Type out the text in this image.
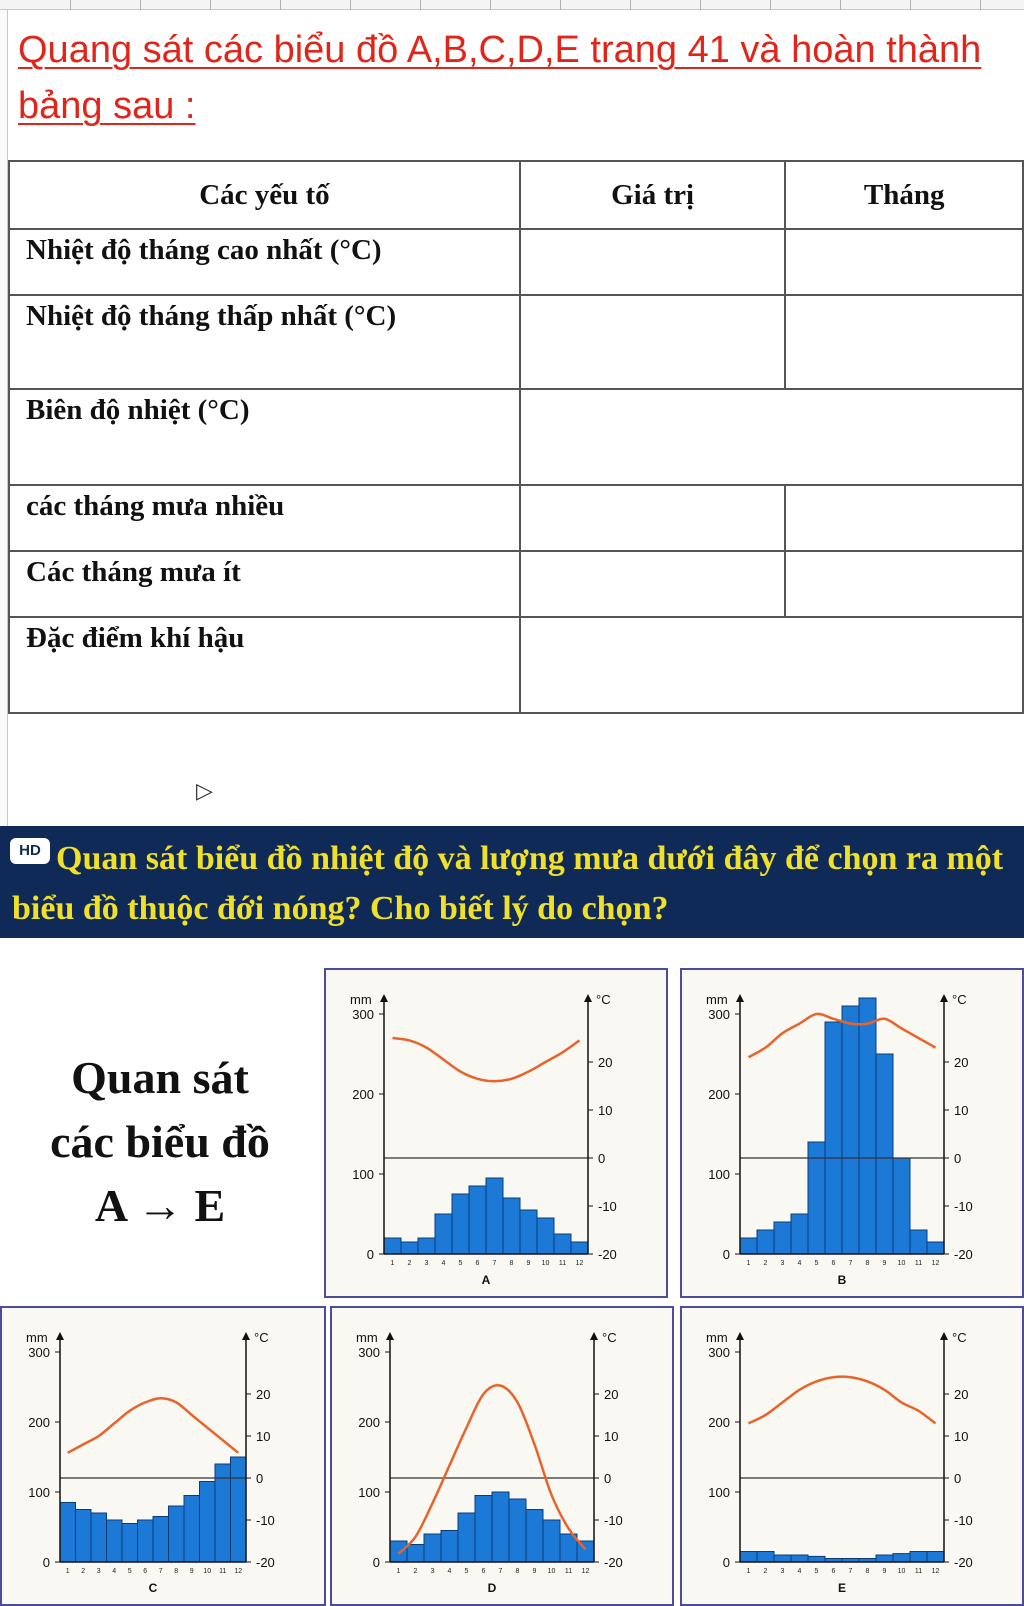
Quang sát các biểu đồ A,B,C,D,E trang 41 và hoàn thành bảng sau :
Các yếu tố	Giá trị	Tháng
Nhiệt độ tháng cao nhất (°C)		
Nhiệt độ tháng thấp nhất (°C)		
Biên độ nhiệt (°C)		
các tháng mưa nhiều		
Các tháng mưa ít		
Đặc điểm khí hậu		
▷
Quan sát biểu đồ nhiệt độ và lượng mưa dưới đây để chọn ra một biểu đồ thuộc đới nóng? Cho biết lý do chọn?
HD
Quan sát
các biểu đồ
A → E
mm	°C
0
100
200
300
-20
-10
0
10
20
1 2 3 4 5 6 7 8 9 10 11 12
A
mm	°C
0
100
200
300
-20
-10
0
10
20
1 2 3 4 5 6 7 8 9 10 11 12
B
mm	°C
0
100
200
300
-20
-10
0
10
20
1 2 3 4 5 6 7 8 9 10 11 12
C
mm	°C
0
100
200
300
-20
-10
0
10
20
1 2 3 4 5 6 7 8 9 10 11 12
D
mm	°C
0
100
200
300
-20
-10
0
10
20
1 2 3 4 5 6 7 8 9 10 11 12
E
